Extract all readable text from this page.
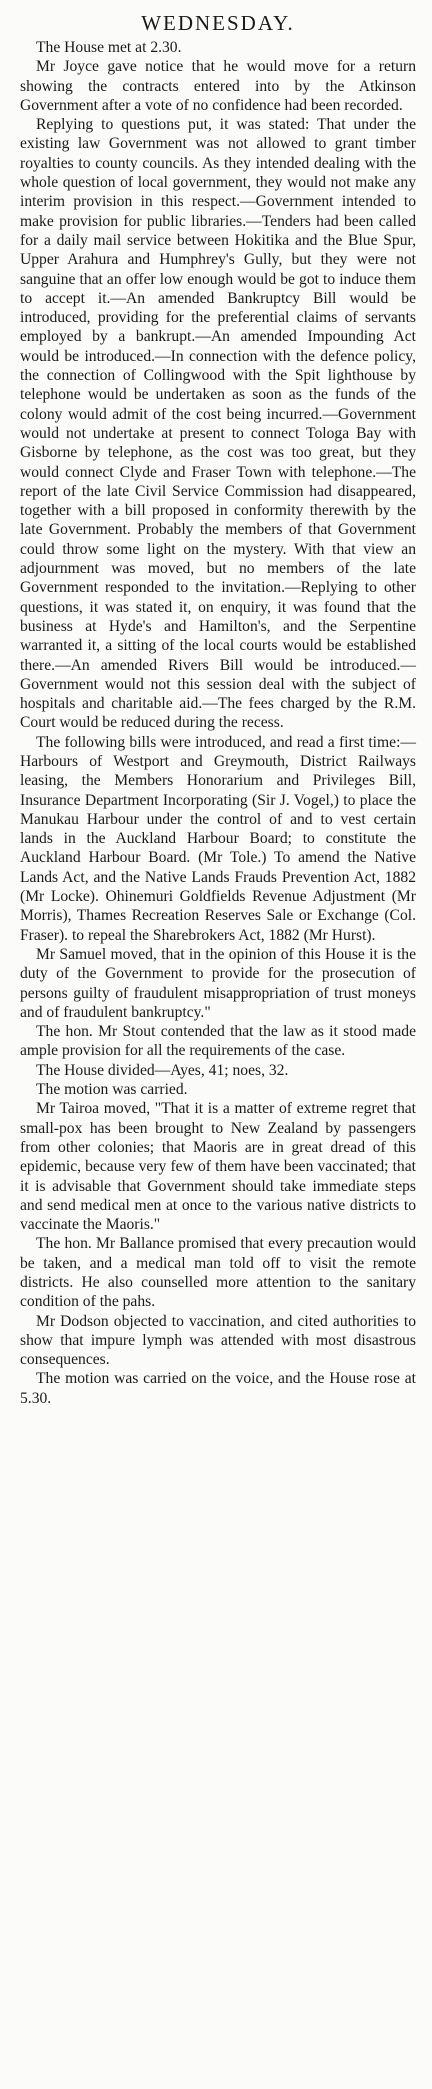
WEDNESDAY.

The House met at 2.30.

Mr Joyce gave notice that he would move for a return showing the contracts entered into by the Atkinson Government after a vote of no confidence had been recorded.

Replying to questions put, it was stated: That under the existing law Government was not allowed to grant timber royalties to county councils. As they intended dealing with the whole question of local government, they would not make any interim provision in this respect.—Government intended to make provision for public libraries.—Tenders had been called for a daily mail service between Hokitika and the Blue Spur, Upper Arahura and Humphrey's Gully, but they were not sanguine that an offer low enough would be got to induce them to accept it.—An amended Bankruptcy Bill would be introduced, providing for the preferential claims of servants employed by a bankrupt.—An amended Impounding Act would be introduced.—In connection with the defence policy, the connection of Collingwood with the Spit lighthouse by telephone would be undertaken as soon as the funds of the colony would admit of the cost being incurred.—Government would not undertake at present to connect Tologa Bay with Gisborne by telephone, as the cost was too great, but they would connect Clyde and Fraser Town with telephone.—The report of the late Civil Service Commission had disappeared, together with a bill proposed in conformity therewith by the late Government. Probably the members of that Government could throw some light on the mystery. With that view an adjournment was moved, but no members of the late Government responded to the invitation.—Replying to other questions, it was stated it, on enquiry, it was found that the business at Hyde's and Hamilton's, and the Serpentine warranted it, a sitting of the local courts would be established there.—An amended Rivers Bill would be introduced.—Government would not this session deal with the subject of hospitals and charitable aid.—The fees charged by the R.M. Court would be reduced during the recess.

The following bills were introduced, and read a first time:—Harbours of Westport and Greymouth, District Railways leasing, the Members Honorarium and Privileges Bill, Insurance Department Incorporating (Sir J. Vogel,) to place the Manukau Harbour under the control of and to vest certain lands in the Auckland Harbour Board; to constitute the Auckland Harbour Board. (Mr Tole.) To amend the Native Lands Act, and the Native Lands Frauds Prevention Act, 1882 (Mr Locke). Ohinemuri Goldfields Revenue Adjustment (Mr Morris), Thames Recreation Reserves Sale or Exchange (Col. Fraser). to repeal the Sharebrokers Act, 1882 (Mr Hurst).

Mr Samuel moved, that in the opinion of this House it is the duty of the Government to provide for the prosecution of persons guilty of fraudulent misappropriation of trust moneys and of fraudulent bankruptcy."

The hon. Mr Stout contended that the law as it stood made ample provision for all the requirements of the case.

The House divided—Ayes, 41; noes, 32.

The motion was carried.

Mr Tairoa moved, "That it is a matter of extreme regret that small-pox has been brought to New Zealand by passengers from other colonies; that Maoris are in great dread of this epidemic, because very few of them have been vaccinated; that it is advisable that Government should take immediate steps and send medical men at once to the various native districts to vaccinate the Maoris."

The hon. Mr Ballance promised that every precaution would be taken, and a medical man told off to visit the remote districts. He also counselled more attention to the sanitary condition of the pahs.

Mr Dodson objected to vaccination, and cited authorities to show that impure lymph was attended with most disastrous consequences.

The motion was carried on the voice, and the House rose at 5.30.
